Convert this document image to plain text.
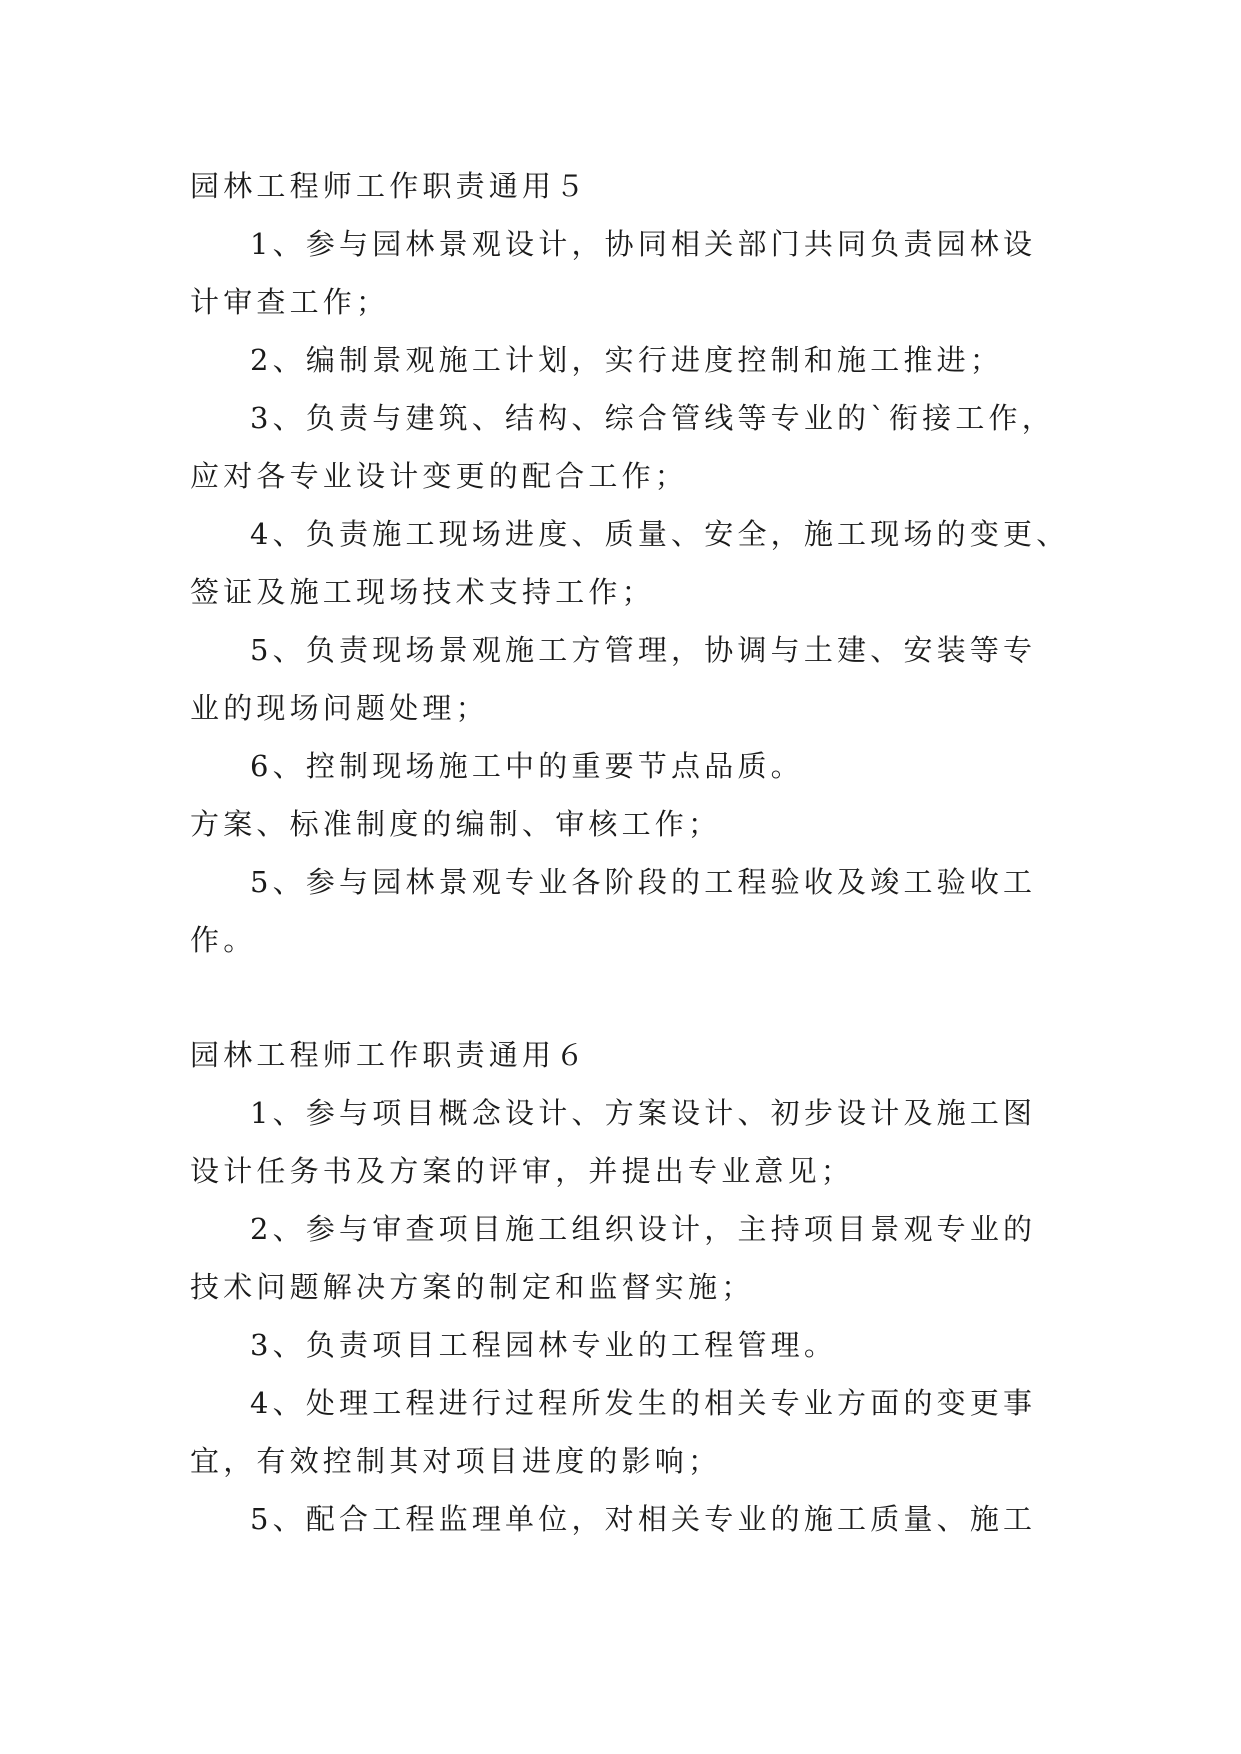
园林工程师工作职责通用５
1、参与园林景观设计，协同相关部门共同负责园林设
计审查工作；
2、编制景观施工计划，实行进度控制和施工推进；
3、负责与建筑、结构、综合管线等专业的`衔接工作，
应对各专业设计变更的配合工作；
4、负责施工现场进度、质量、安全，施工现场的变更、
签证及施工现场技术支持工作；
5、负责现场景观施工方管理，协调与土建、安装等专
业的现场问题处理；
6、控制现场施工中的重要节点品质。
方案、标准制度的编制、审核工作；
5、参与园林景观专业各阶段的工程验收及竣工验收工
作。
园林工程师工作职责通用６
1、参与项目概念设计、方案设计、初步设计及施工图
设计任务书及方案的评审，并提出专业意见；
2、参与审查项目施工组织设计，主持项目景观专业的
技术问题解决方案的制定和监督实施；
3、负责项目工程园林专业的工程管理。
4、处理工程进行过程所发生的相关专业方面的变更事
宜，有效控制其对项目进度的影响；
5、配合工程监理单位，对相关专业的施工质量、施工
